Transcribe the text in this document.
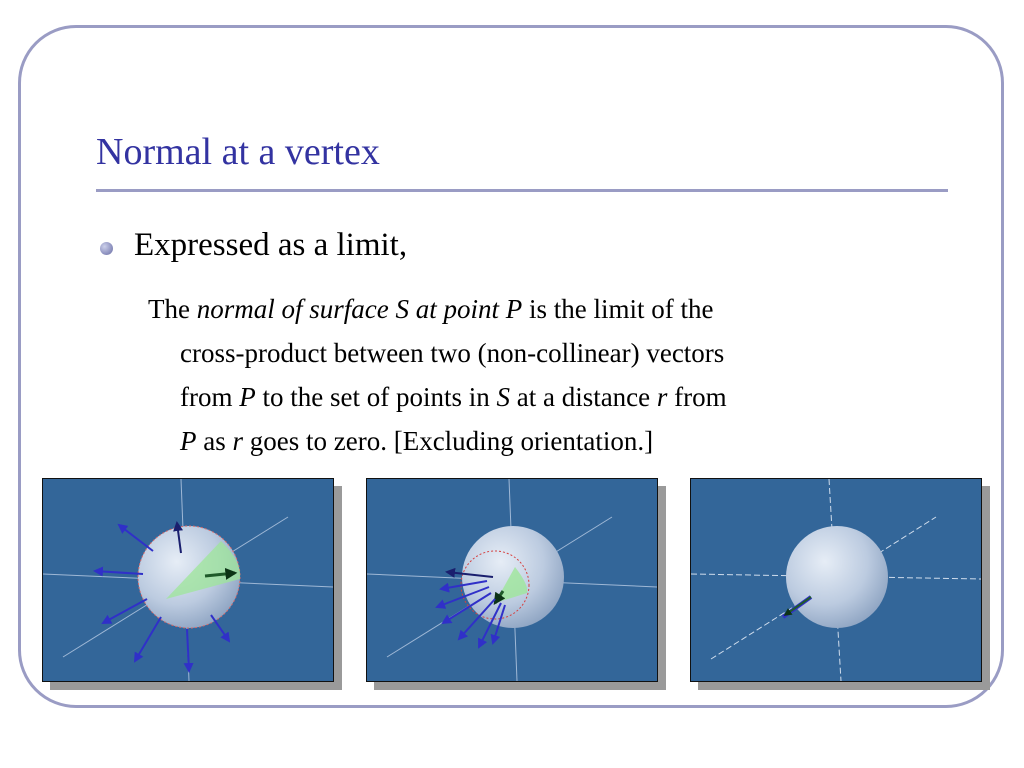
Normal at a vertex
Expressed as a limit,
The normal of surface S at point P is the limit of the
cross-product between two (non-collinear) vectors
from P to the set of points in S at a distance r from
P as r goes to zero. [Excluding orientation.]
